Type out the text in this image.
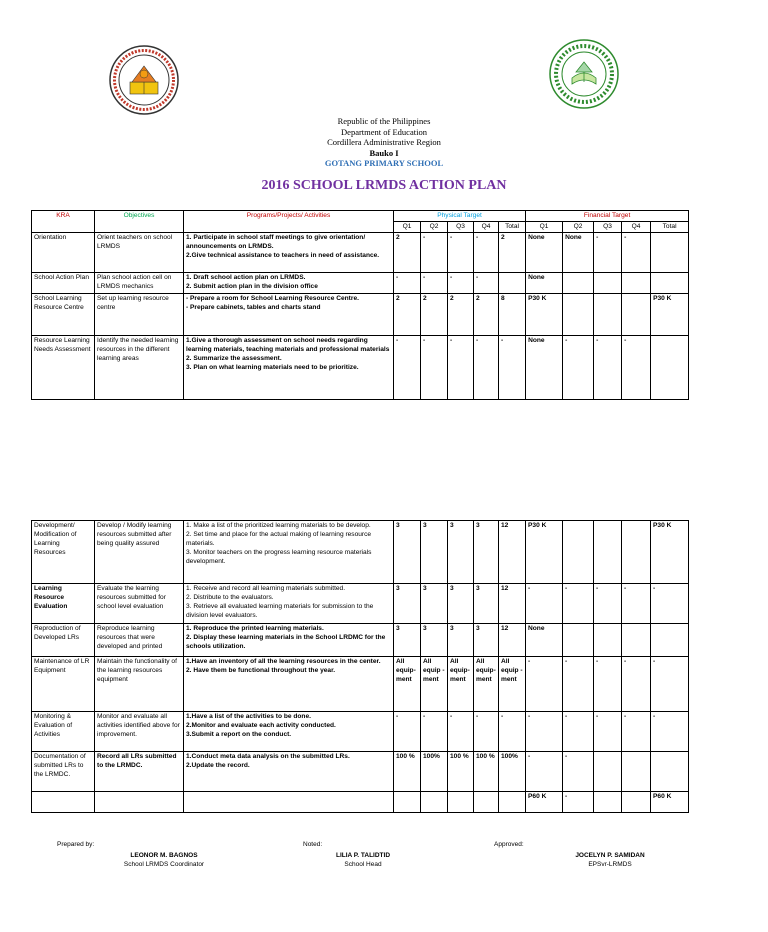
Republic of the Philippines
Department of Education
Cordillera Administrative Region
Bauko I
GOTANG PRIMARY SCHOOL
2016 SCHOOL LRMDS ACTION PLAN
KRA	Objectives	Programs/Projects/ Activities	Physical Target					Financial Target				
			Q1	Q2	Q3	Q4	Total	Q1	Q2	Q3	Q4	Total
Orientation	Orient teachers on school LRMDS	1. Participate in school staff meetings to give orientation/ announcements on LRMDS.
2.Give technical assistance to teachers in need of assistance.	2	-	-	-	2	None	None	-	-	
School Action Plan	Plan school action cell on LRMDS mechanics	1. Draft school action plan on LRMDS.
2. Submit action plan in the division office	-	-	-	-		None				
School Learning Resource Centre	Set up learning resource centre	- Prepare a room for School Learning Resource Centre.
- Prepare cabinets, tables and charts stand	2	2	2	2	8	P30 K				P30 K
Resource Learning Needs Assessment	Identify the needed learning resources in the different learning areas	1.Give a thorough assessment on school needs regarding learning materials, teaching materials and professional materials
2. Summarize the assessment.
3. Plan on what learning materials need to be prioritize.	-	-	-	-	-	None	-	-	-	
Development/ Modification of Learning Resources	Develop / Modify learning resources submitted after being quality assured	1. Make a list of the prioritized learning materials to be develop.
2. Set time and place for the actual making of learning resource materials.
3. Monitor teachers on the progress learning resource materials development.	3	3	3	3	12	P30 K				P30 K
Learning Resource Evaluation	Evaluate the learning resources submitted for school level evaluation	1. Receive and record all learning materials submitted.
2. Distribute to the evaluators.
3. Retrieve all evaluated learning materials for submission to the division level evaluators.	3	3	3	3	12	-	-	-	-	-
Reproduction of Developed LRs	Reproduce learning resources that were developed and printed	1. Reproduce the printed learning materials.
2. Display these learning materials in the School LRDMC for the schools utilization.	3	3	3	3	12	None				
Maintenance of LR Equipment	Maintain the functionality of the learning resources equipment	1.Have an inventory of all the learning resources in the center.
2. Have them be functional throughout the year.	All equip-ment	All equip -ment	All equip-ment	All equip-ment	All equip -ment	-	-	-	-	-
Monitoring & Evaluation of Activities	Monitor and evaluate all activities identified above for improvement.	1.Have a list of the activities to be done.
2.Monitor and evaluate each activity conducted.
3.Submit a report on the conduct.	-	-	-	-	-	-	-	-	-	-
Documentation of submitted LRs to the LRMDC.	Record all LRs submitted to the LRMDC.	1.Conduct meta data analysis on the submitted LRs.
2.Update the record.	100 %	100%	100 %	100 %	100%	-	-			
								P60 K	-			P60 K
Prepared by:
LEONOR M. BAGNOS
School LRMDS Coordinator
Noted:
LILIA P. TALIDTID
School Head
Approved:
JOCELYN P. SAMIDAN
EPSvr-LRMDS
